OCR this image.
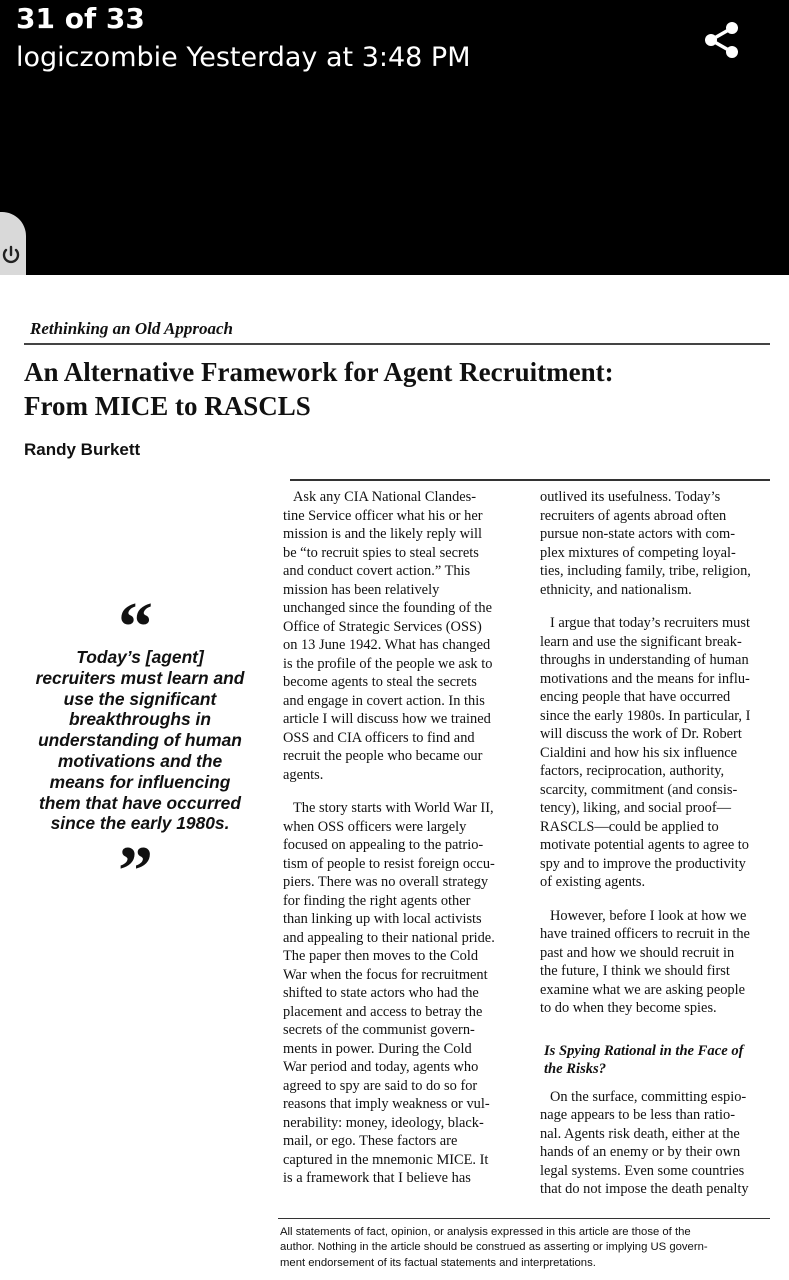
31 of 33
logiczombie Yesterday at 3:48 PM
Rethinking an Old Approach
An Alternative Framework for Agent Recruitment:
From MICE to RASCLS
Randy Burkett
“
Today’s [agent]
recruiters must learn and
use the significant
breakthroughs in
understanding of human
motivations and the
means for influencing
them that have occurred
since the early 1980s.
”
Ask any CIA National Clandes-
tine Service officer what his or her
mission is and the likely reply will
be “to recruit spies to steal secrets
and conduct covert action.” This
mission has been relatively
unchanged since the founding of the
Office of Strategic Services (OSS)
on 13 June 1942. What has changed
is the profile of the people we ask to
become agents to steal the secrets
and engage in covert action. In this
article I will discuss how we trained
OSS and CIA officers to find and
recruit the people who became our
agents.
The story starts with World War II,
when OSS officers were largely
focused on appealing to the patrio-
tism of people to resist foreign occu-
piers. There was no overall strategy
for finding the right agents other
than linking up with local activists
and appealing to their national pride.
The paper then moves to the Cold
War when the focus for recruitment
shifted to state actors who had the
placement and access to betray the
secrets of the communist govern-
ments in power. During the Cold
War period and today, agents who
agreed to spy are said to do so for
reasons that imply weakness or vul-
nerability: money, ideology, black-
mail, or ego. These factors are
captured in the mnemonic MICE. It
is a framework that I believe has
outlived its usefulness. Today’s
recruiters of agents abroad often
pursue non-state actors with com-
plex mixtures of competing loyal-
ties, including family, tribe, religion,
ethnicity, and nationalism.
I argue that today’s recruiters must
learn and use the significant break-
throughs in understanding of human
motivations and the means for influ-
encing people that have occurred
since the early 1980s. In particular, I
will discuss the work of Dr. Robert
Cialdini and how his six influence
factors, reciprocation, authority,
scarcity, commitment (and consis-
tency), liking, and social proof—
RASCLS—could be applied to
motivate potential agents to agree to
spy and to improve the productivity
of existing agents.
However, before I look at how we
have trained officers to recruit in the
past and how we should recruit in
the future, I think we should first
examine what we are asking people
to do when they become spies.
Is Spying Rational in the Face of
the Risks?
On the surface, committing espio-
nage appears to be less than ratio-
nal. Agents risk death, either at the
hands of an enemy or by their own
legal systems. Even some countries
that do not impose the death penalty
All statements of fact, opinion, or analysis expressed in this article are those of the
author. Nothing in the article should be construed as asserting or implying US govern-
ment endorsement of its factual statements and interpretations.
